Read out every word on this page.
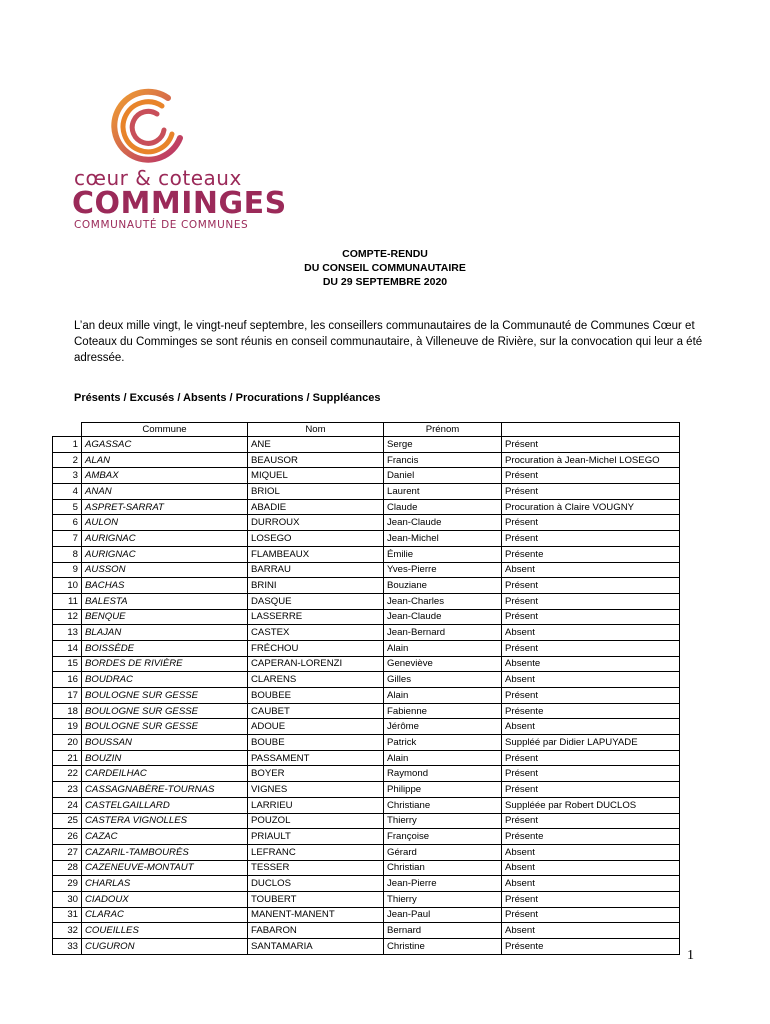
cœur & coteaux
COMMINGES
COMMUNAUTÉ DE COMMUNES
COMPTE-RENDU
DU CONSEIL COMMUNAUTAIRE
DU 29 SEPTEMBRE 2020
L’an deux mille vingt, le vingt-neuf septembre, les conseillers communautaires de la Communauté de Communes Cœur et Coteaux du Comminges se sont réunis en conseil communautaire, à Villeneuve de Rivière, sur la convocation qui leur a été adressée.
Présents / Excusés / Absents / Procurations / Suppléances
	Commune	Nom	Prénom	
1	AGASSAC	ANE	Serge	Présent
2	ALAN	BEAUSOR	Francis	Procuration à Jean-Michel LOSEGO
3	AMBAX	MIQUEL	Daniel	Présent
4	ANAN	BRIOL	Laurent	Présent
5	ASPRET-SARRAT	ABADIE	Claude	Procuration à Claire VOUGNY
6	AULON	DURROUX	Jean-Claude	Présent
7	AURIGNAC	LOSEGO	Jean-Michel	Présent
8	AURIGNAC	FLAMBEAUX	Émilie	Présente
9	AUSSON	BARRAU	Yves-Pierre	Absent
10	BACHAS	BRINI	Bouziane	Présent
11	BALESTA	DASQUE	Jean-Charles	Présent
12	BENQUE	LASSERRE	Jean-Claude	Présent
13	BLAJAN	CASTEX	Jean-Bernard	Absent
14	BOISSÈDE	FRÉCHOU	Alain	Présent
15	BORDES DE RIVIÈRE	CAPERAN-LORENZI	Geneviève	Absente
16	BOUDRAC	CLARENS	Gilles	Absent
17	BOULOGNE SUR GESSE	BOUBEE	Alain	Présent
18	BOULOGNE SUR GESSE	CAUBET	Fabienne	Présente
19	BOULOGNE SUR GESSE	ADOUE	Jérôme	Absent
20	BOUSSAN	BOUBE	Patrick	Suppléé par Didier LAPUYADE
21	BOUZIN	PASSAMENT	Alain	Présent
22	CARDEILHAC	BOYER	Raymond	Présent
23	CASSAGNABÈRE-TOURNAS	VIGNES	Philippe	Présent
24	CASTELGAILLARD	LARRIEU	Christiane	Suppléée par Robert DUCLOS
25	CASTERA VIGNOLLES	POUZOL	Thierry	Présent
26	CAZAC	PRIAULT	Françoise	Présente
27	CAZARIL-TAMBOURÈS	LEFRANC	Gérard	Absent
28	CAZENEUVE-MONTAUT	TESSER	Christian	Absent
29	CHARLAS	DUCLOS	Jean-Pierre	Absent
30	CIADOUX	TOUBERT	Thierry	Présent
31	CLARAC	MANENT-MANENT	Jean-Paul	Présent
32	COUEILLES	FABARON	Bernard	Absent
33	CUGURON	SANTAMARIA	Christine	Présente
1
